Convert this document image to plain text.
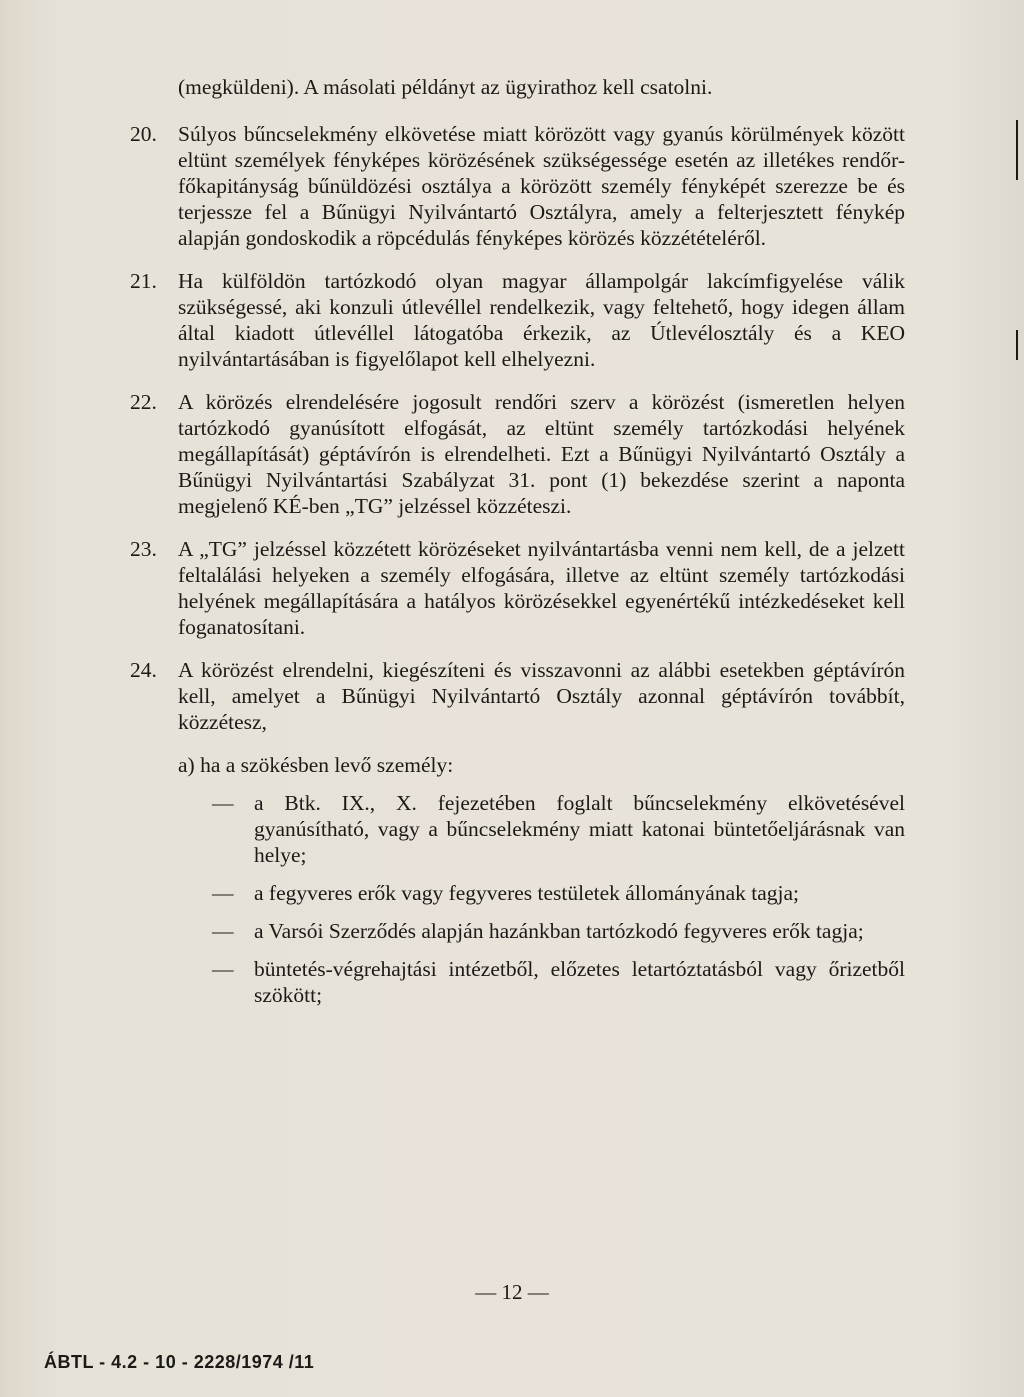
(megküldeni). A másolati példányt az ügyirathoz kell csatolni.

20. Súlyos bűncselekmény elkövetése miatt körözött vagy gyanús körülmények között eltünt személyek fényképes körözésének szükségessége esetén az illetékes rendőr-főkapitányság bűnüldözési osztálya a körözött személy fényképét szerezze be és terjessze fel a Bűnügyi Nyilvántartó Osztályra, amely a felterjesztett fénykép alapján gondoskodik a röpcédulás fényképes körözés közzétételéről.

21. Ha külföldön tartózkodó olyan magyar állampolgár lakcímfigyelése válik szükségessé, aki konzuli útlevéllel rendelkezik, vagy feltehető, hogy idegen állam által kiadott útlevéllel látogatóba érkezik, az Útlevélosztály és a KEO nyilvántartásában is figyelőlapot kell elhelyezni.

22. A körözés elrendelésére jogosult rendőri szerv a körözést (ismeretlen helyen tartózkodó gyanúsított elfogását, az eltünt személy tartózkodási helyének megállapítását) géptávírón is elrendelheti. Ezt a Bűnügyi Nyilvántartó Osztály a Bűnügyi Nyilvántartási Szabályzat 31. pont (1) bekezdése szerint a naponta megjelenő KÉ-ben „TG” jelzéssel közzéteszi.

23. A „TG” jelzéssel közzétett körözéseket nyilvántartásba venni nem kell, de a jelzett feltalálási helyeken a személy elfogására, illetve az eltünt személy tartózkodási helyének megállapítására a hatályos körözésekkel egyenértékű intézkedéseket kell foganatosítani.

24. A körözést elrendelni, kiegészíteni és visszavonni az alábbi esetekben géptávírón kell, amelyet a Bűnügyi Nyilvántartó Osztály azonnal géptávírón továbbít, közzétesz,

a) ha a szökésben levő személy:

— a Btk. IX., X. fejezetében foglalt bűncselekmény elkövetésével gyanúsítható, vagy a bűncselekmény miatt katonai büntetőeljárásnak van helye;
— a fegyveres erők vagy fegyveres testületek állományának tagja;
— a Varsói Szerződés alapján hazánkban tartózkodó fegyveres erők tagja;
— büntetés-végrehajtási intézetből, előzetes letartóztatásból vagy őrizetből szökött;
— 12 —
ÁBTL - 4.2 - 10 - 2228/1974 /11
